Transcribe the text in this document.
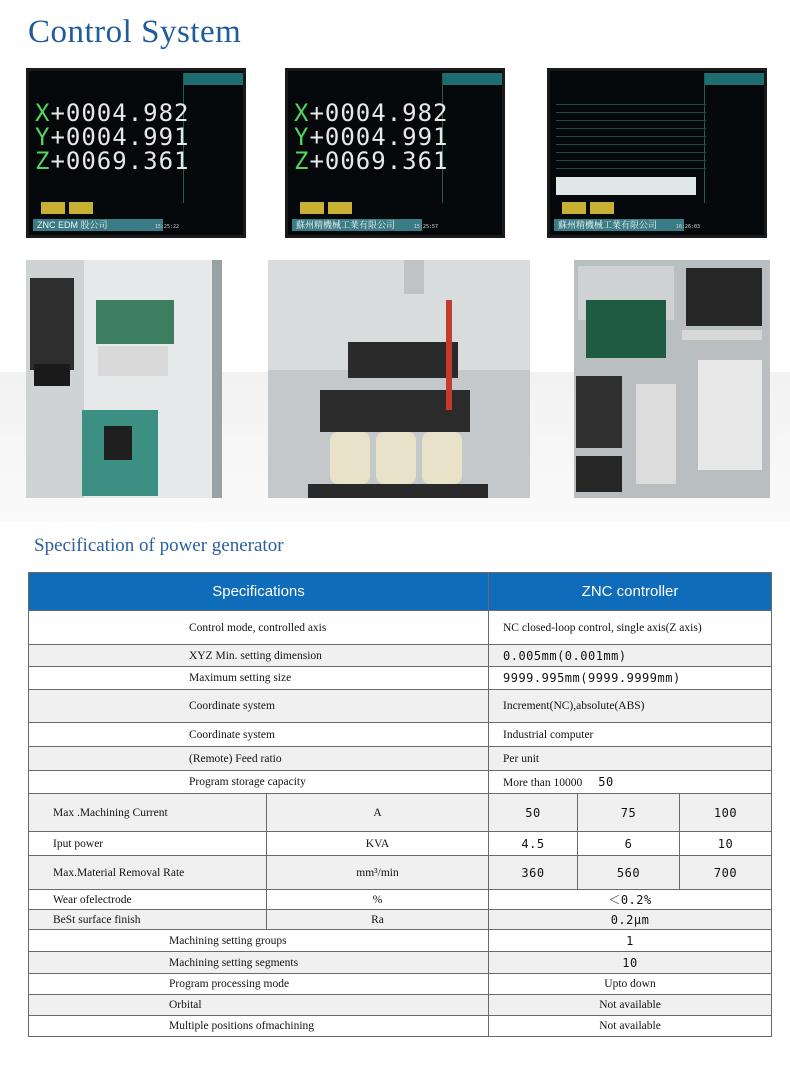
Control System
X+0004.982
Y+0004.991
Z+0069.361
ZNC EDM 股公司	15:25:22
X+0004.982
Y+0004.991
Z+0069.361
蘇州精機械工業有限公司	15:25:57	蘇州精機械工業有限公司	16:26:03
Specification of power generator
Specifications		ZNC controller		
Control mode, controlled axis		NC closed-loop control, single axis(Z axis)		
XYZ Min. setting dimension		0.005mm(0.001mm)		
Maximum setting size		9999.995mm(9999.9999mm)		
Coordinate system		Increment(NC),absolute(ABS)		
Coordinate system		Industrial computer		
(Remote) Feed ratio		Per unit		
Program storage capacity		More than 10000 50		
Max .Machining Current	A	50	75	100
Iput power	KVA	4.5	6	10
Max.Material Removal Rate	mm³/min	360	560	700
Wear ofelectrode	%	＜0.2%		
BeSt surface finish	Ra	0.2μm		
Machining setting groups		1		
Machining setting segments		10		
Program processing mode		Upto down		
Orbital		Not available		
Multiple positions ofmachining		Not available		
